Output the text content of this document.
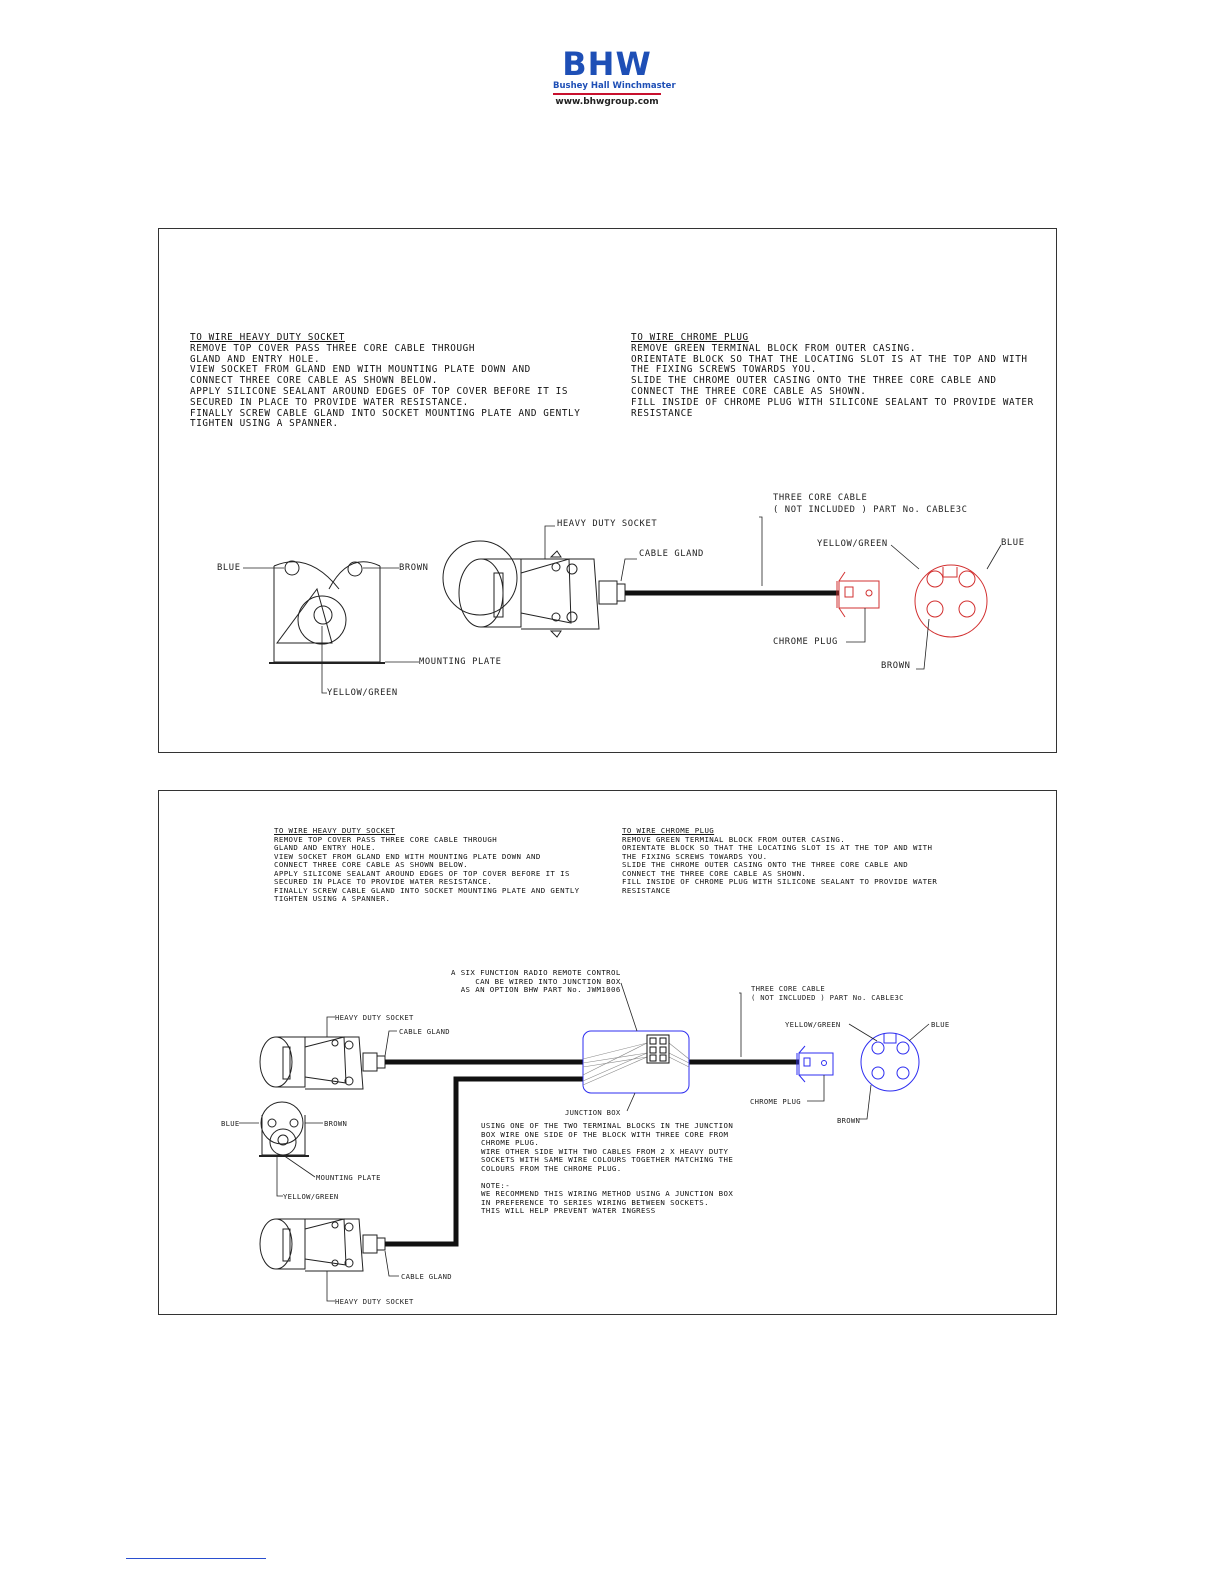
BHW
Bushey Hall Winchmaster
www.bhwgroup.com
TO WIRE HEAVY DUTY SOCKET
REMOVE TOP COVER PASS THREE CORE CABLE THROUGH
GLAND AND ENTRY HOLE.
VIEW SOCKET FROM GLAND END WITH MOUNTING PLATE DOWN AND
CONNECT THREE CORE CABLE AS SHOWN BELOW.
APPLY SILICONE SEALANT AROUND EDGES OF TOP COVER BEFORE IT IS
SECURED IN PLACE TO PROVIDE WATER RESISTANCE.
FINALLY SCREW CABLE GLAND INTO SOCKET MOUNTING PLATE AND GENTLY
TIGHTEN USING A SPANNER.
TO WIRE CHROME PLUG
REMOVE GREEN TERMINAL BLOCK FROM OUTER CASING.
ORIENTATE BLOCK SO THAT THE LOCATING SLOT IS AT THE TOP AND WITH
THE FIXING SCREWS TOWARDS YOU.
SLIDE THE CHROME OUTER CASING ONTO THE THREE CORE CABLE AND
CONNECT THE THREE CORE CABLE AS SHOWN.
FILL INSIDE OF CHROME PLUG WITH SILICONE SEALANT TO PROVIDE WATER
RESISTANCE
BLUE	BROWN
MOUNTING PLATE
YELLOW/GREEN
HEAVY DUTY SOCKET
CABLE GLAND
THREE CORE CABLE
( NOT INCLUDED ) PART No. CABLE3C
CHROME PLUG
YELLOW/GREEN	BLUE
BROWN
TO WIRE HEAVY DUTY SOCKET
REMOVE TOP COVER PASS THREE CORE CABLE THROUGH
GLAND AND ENTRY HOLE.
VIEW SOCKET FROM GLAND END WITH MOUNTING PLATE DOWN AND
CONNECT THREE CORE CABLE AS SHOWN BELOW.
APPLY SILICONE SEALANT AROUND EDGES OF TOP COVER BEFORE IT IS
SECURED IN PLACE TO PROVIDE WATER RESISTANCE.
FINALLY SCREW CABLE GLAND INTO SOCKET MOUNTING PLATE AND GENTLY
TIGHTEN USING A SPANNER.
TO WIRE CHROME PLUG
REMOVE GREEN TERMINAL BLOCK FROM OUTER CASING.
ORIENTATE BLOCK SO THAT THE LOCATING SLOT IS AT THE TOP AND WITH
THE FIXING SCREWS TOWARDS YOU.
SLIDE THE CHROME OUTER CASING ONTO THE THREE CORE CABLE AND
CONNECT THE THREE CORE CABLE AS SHOWN.
FILL INSIDE OF CHROME PLUG WITH SILICONE SEALANT TO PROVIDE WATER
RESISTANCE
A SIX FUNCTION RADIO REMOTE CONTROL
CAN BE WIRED INTO JUNCTION BOX
AS AN OPTION BHW PART No. JWM1006
USING ONE OF THE TWO TERMINAL BLOCKS IN THE JUNCTION
BOX WIRE ONE SIDE OF THE BLOCK WITH THREE CORE FROM
CHROME PLUG.
WIRE OTHER SIDE WITH TWO CABLES FROM 2 X HEAVY DUTY
SOCKETS WITH SAME WIRE COLOURS TOGETHER MATCHING THE
COLOURS FROM THE CHROME PLUG.
NOTE:-
WE RECOMMEND THIS WIRING METHOD USING A JUNCTION BOX
IN PREFERENCE TO SERIES WIRING BETWEEN SOCKETS.
THIS WILL HELP PREVENT WATER INGRESS
HEAVY DUTY SOCKET
CABLE GLAND
BLUE	BROWN
MOUNTING PLATE
YELLOW/GREEN
CABLE GLAND
HEAVY DUTY SOCKET
JUNCTION BOX
THREE CORE CABLE
( NOT INCLUDED ) PART No. CABLE3C
CHROME PLUG
YELLOW/GREEN	BLUE
BROWN
